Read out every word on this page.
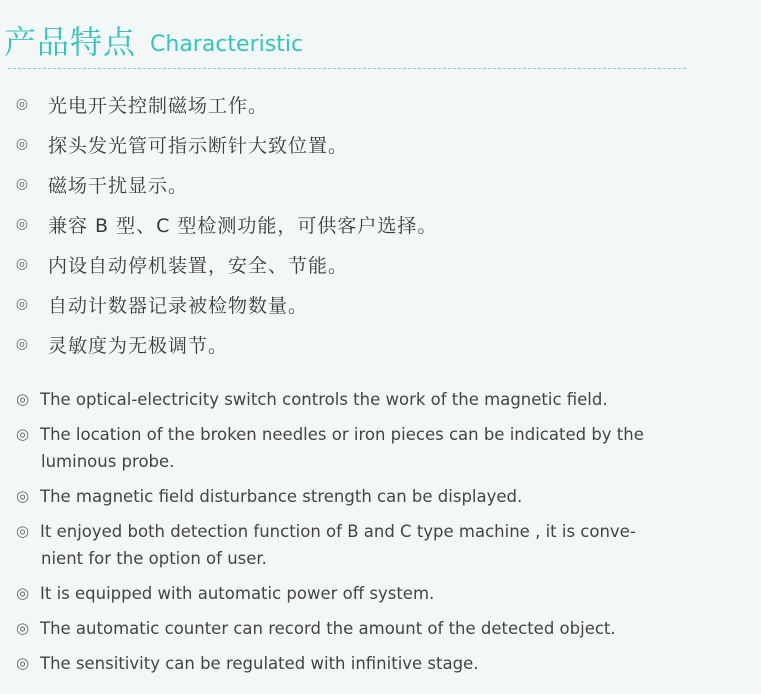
产品特点 Characteristic
◎ 光电开关控制磁场工作。
◎ 探头发光管可指示断针大致位置。
◎ 磁场干扰显示。
◎ 兼容 B 型、C 型检测功能，可供客户选择。
◎ 内设自动停机装置，安全、节能。
◎ 自动计数器记录被检物数量。
◎ 灵敏度为无极调节。
◎ The optical-electricity switch controls the work of the magnetic field.
◎ The location of the broken needles or iron pieces can be indicated by the
luminous probe.
◎ The magnetic field disturbance strength can be displayed.
◎ It enjoyed both detection function of B and C type machine , it is conve-
nient for the option of user.
◎ It is equipped with automatic power off system.
◎ The automatic counter can record the amount of the detected object.
◎ The sensitivity can be regulated with infinitive stage.
